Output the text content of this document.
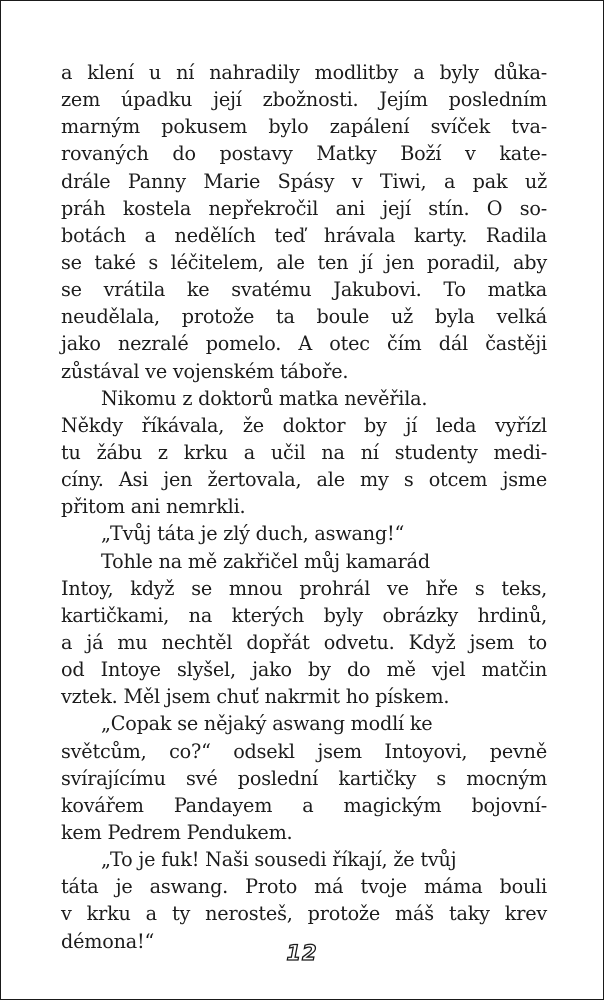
a klení u ní nahradily modlitby a byly důka-
zem úpadku její zbožnosti. Jejím posledním
marným pokusem bylo zapálení svíček tva-
rovaných do postavy Matky Boží v kate-
drále Panny Marie Spásy v Tiwi, a pak už
práh kostela nepřekročil ani její stín. O so-
botách a nedělích teď hrávala karty. Radila
se také s léčitelem, ale ten jí jen poradil, aby
se vrátila ke svatému Jakubovi. To matka
neudělala, protože ta boule už byla velká
jako nezralé pomelo. A otec čím dál častěji
zůstával ve vojenském táboře.
Nikomu z doktorů matka nevěřila.
Někdy říkávala, že doktor by jí leda vyřízl
tu žábu z krku a učil na ní studenty medi-
cíny. Asi jen žertovala, ale my s otcem jsme
přitom ani nemrkli.
„Tvůj táta je zlý duch, aswang!“
Tohle na mě zakřičel můj kamarád
Intoy, když se mnou prohrál ve hře s teks,
kartičkami, na kterých byly obrázky hrdinů,
a já mu nechtěl dopřát odvetu. Když jsem to
od Intoye slyšel, jako by do mě vjel matčin
vztek. Měl jsem chuť nakrmit ho pískem.
„Copak se nějaký aswang modlí ke
světcům, co?“ odsekl jsem Intoyovi, pevně
svírajícímu své poslední kartičky s mocným
kovářem Pandayem a magickým bojovní-
kem Pedrem Pendukem.
„To je fuk! Naši sousedi říkají, že tvůj
táta je aswang. Proto má tvoje máma bouli
v krku a ty nerosteš, protože máš taky krev
démona!“	12
